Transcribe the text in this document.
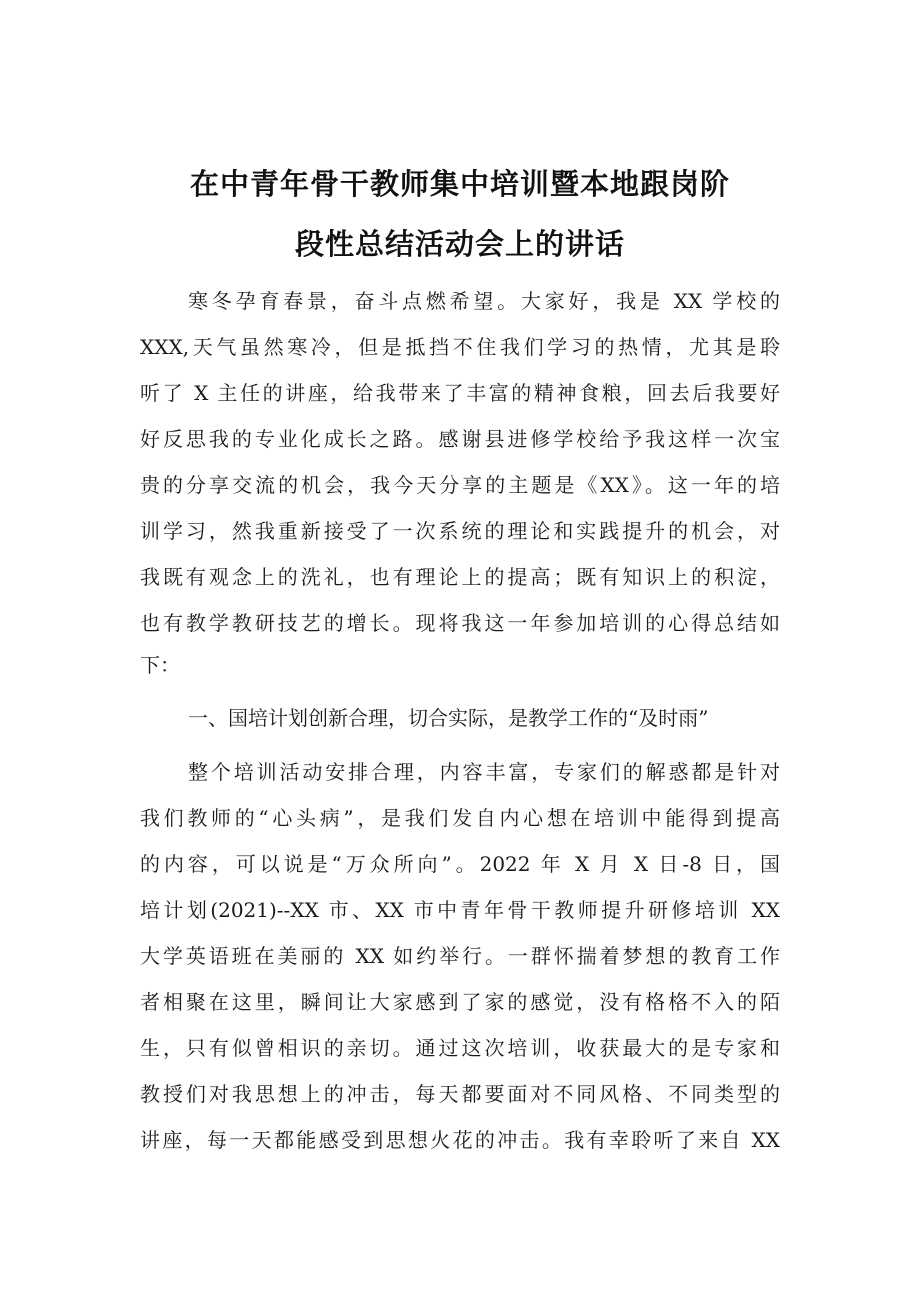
在中青年骨干教师集中培训暨本地跟岗阶
段性总结活动会上的讲话
寒冬孕育春景，奋斗点燃希望。大家好，我是 XX 学校的
XXX,天气虽然寒冷，但是抵挡不住我们学习的热情，尤其是聆
听了 X 主任的讲座，给我带来了丰富的精神食粮，回去后我要好
好反思我的专业化成长之路。感谢县进修学校给予我这样一次宝
贵的分享交流的机会，我今天分享的主题是《XX》。这一年的培
训学习，然我重新接受了一次系统的理论和实践提升的机会，对
我既有观念上的洗礼，也有理论上的提高；既有知识上的积淀，
也有教学教研技艺的增长。现将我这一年参加培训的心得总结如
下：
一、国培计划创新合理，切合实际，是教学工作的“及时雨”
整个培训活动安排合理，内容丰富，专家们的解惑都是针对
我们教师的“心头病”，是我们发自内心想在培训中能得到提高
的内容，可以说是“万众所向”。2022 年 X 月 X 日-8 日，国
培计划(2021)--XX 市、XX 市中青年骨干教师提升研修培训 XX
大学英语班在美丽的 XX 如约举行。一群怀揣着梦想的教育工作
者相聚在这里，瞬间让大家感到了家的感觉，没有格格不入的陌
生，只有似曾相识的亲切。通过这次培训，收获最大的是专家和
教授们对我思想上的冲击，每天都要面对不同风格、不同类型的
讲座，每一天都能感受到思想火花的冲击。我有幸聆听了来自 XX
